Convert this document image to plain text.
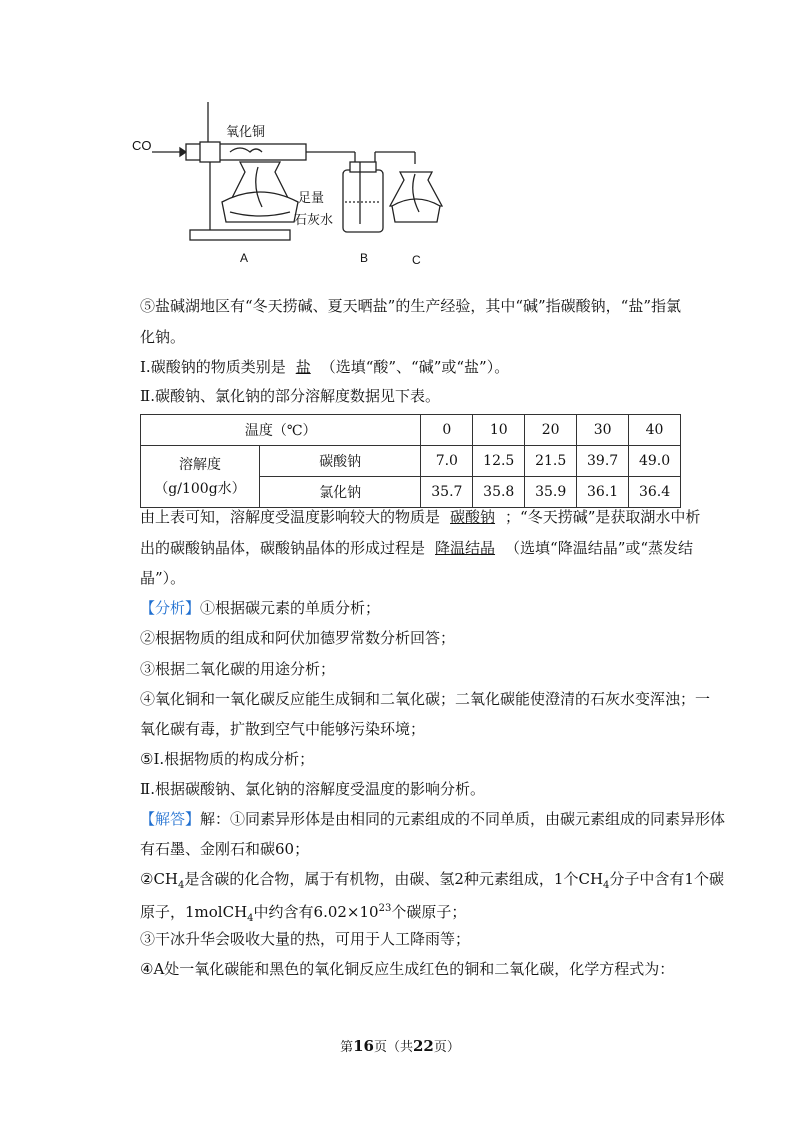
CO
氧化铜
足量
石灰水
A	B	C
⑤盐碱湖地区有“冬天捞碱、夏天晒盐”的生产经验，其中“碱”指碳酸钠，“盐”指氯
化钠。
Ⅰ.碳酸钠的物质类别是 盐 （选填“酸”、“碱”或“盐”）。
Ⅱ.碳酸钠、氯化钠的部分溶解度数据见下表。
温度（℃）		0	10	20	30	40

溶解度
（g/100g水）	碳酸钠	7.0	12.5	21.5	39.7	49.0
	氯化钠	35.7	35.8	35.9	36.1	36.4
由上表可知，溶解度受温度影响较大的物质是 碳酸钠 ；“冬天捞碱”是获取湖水中析
出的碳酸钠晶体，碳酸钠晶体的形成过程是 降温结晶 （选填“降温结晶”或“蒸发结
晶”）。
【分析】①根据碳元素的单质分析；
②根据物质的组成和阿伏加德罗常数分析回答；
③根据二氧化碳的用途分析；
④氧化铜和一氧化碳反应能生成铜和二氧化碳；二氧化碳能使澄清的石灰水变浑浊；一
氧化碳有毒，扩散到空气中能够污染环境；
⑤Ⅰ.根据物质的构成分析；
Ⅱ.根据碳酸钠、氯化钠的溶解度受温度的影响分析。
【解答】解：①同素异形体是由相同的元素组成的不同单质，由碳元素组成的同素异形体
有石墨、金刚石和碳60；
$②CH_4$是含碳的化合物，属于有机物，由碳、氢2种元素组成，1个$CH_4$分子中含有1个碳
原子，1molCH$_4$中约含有$6.02\times 10^{23}$个碳原子；
③干冰升华会吸收大量的热，可用于人工降雨等；
④A处一氧化碳能和黑色的氧化铜反应生成红色的铜和二氧化碳，化学方程式为：
第16页（共22页）
